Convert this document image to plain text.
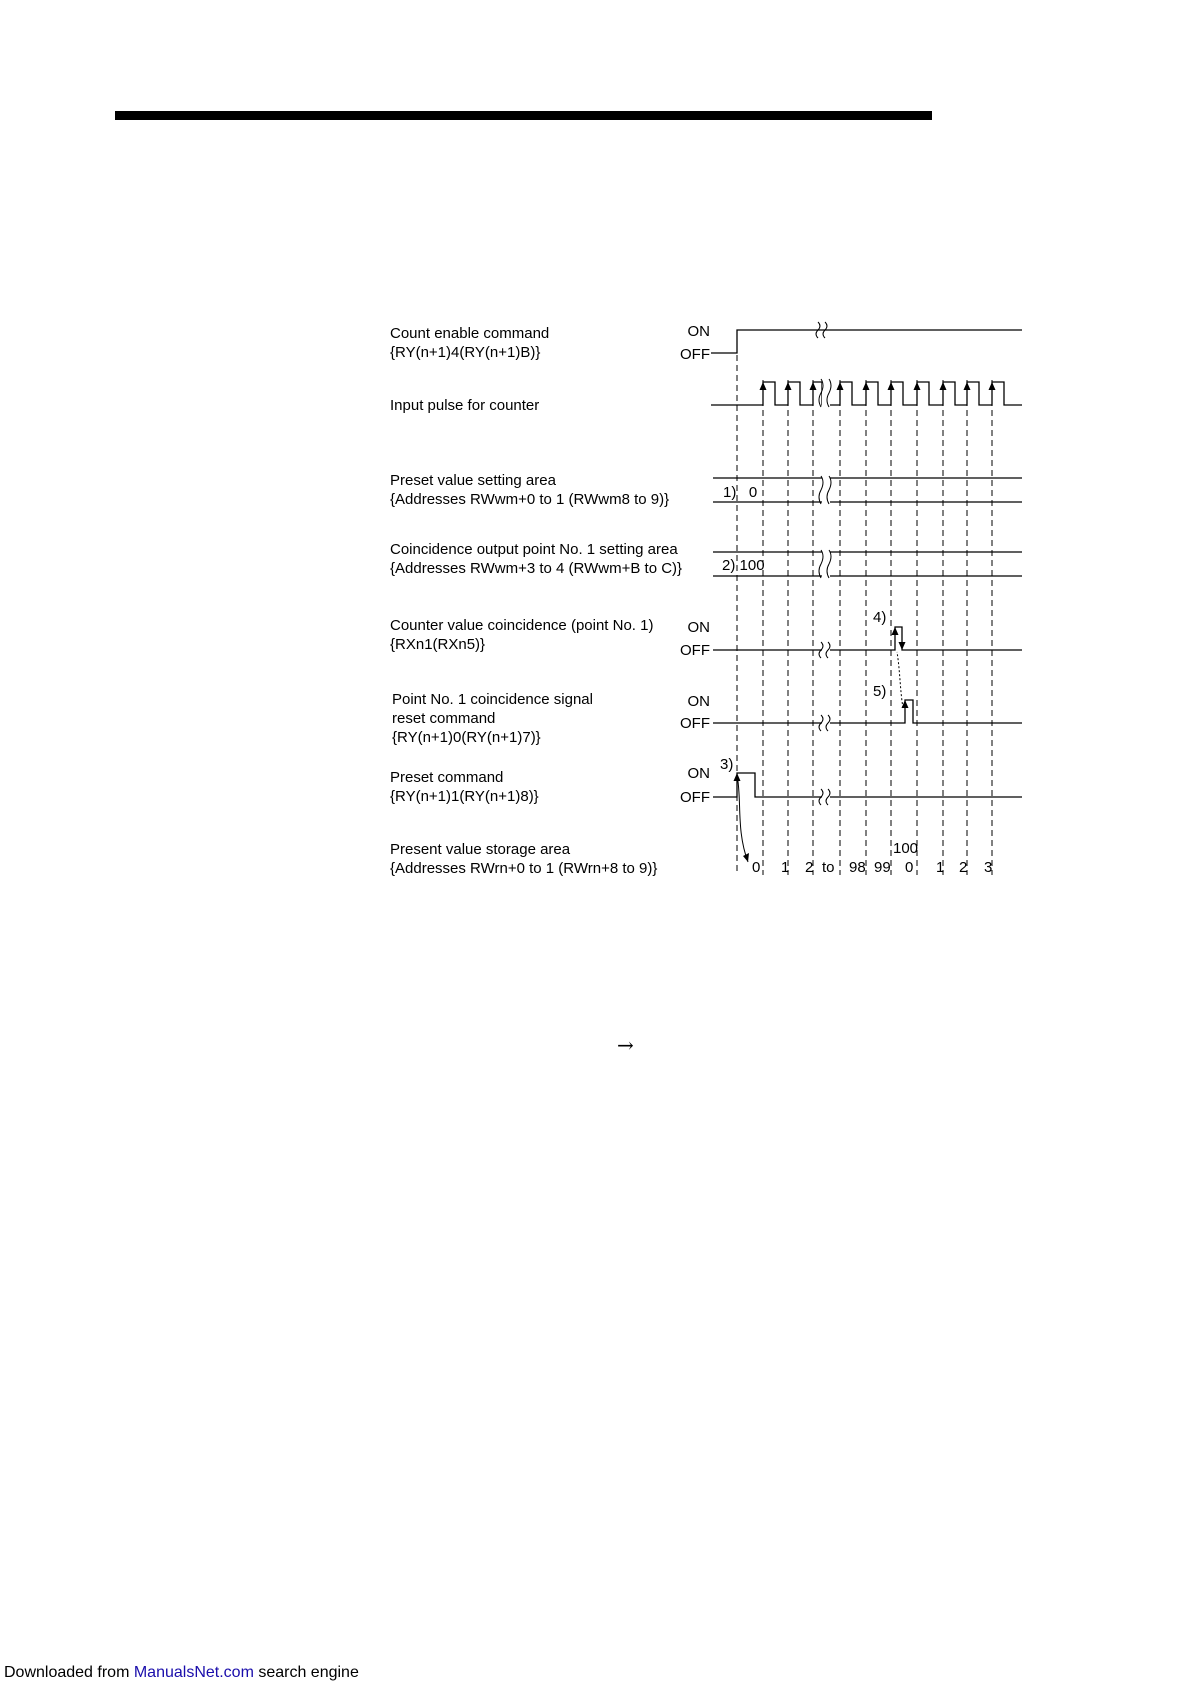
Count enable command
{RY(n+1)4(RY(n+1)B)}
ON
OFF
Input pulse for counter
Preset value setting area
{Addresses RWwm+0 to 1 (RWwm8 to 9)}	1)   0
Coincidence output point No. 1 setting area
{Addresses RWwm+3 to 4 (RWwm+B to C)}	2) 100
Counter value coincidence (point No. 1)
{RXn1(RXn5)}
ON
OFF
4)
Point No. 1 coincidence signal
reset command
{RY(n+1)0(RY(n+1)7)}
ON
OFF
5)
Preset command
{RY(n+1)1(RY(n+1)8)}
ON
OFF
3)
Present value storage area
{Addresses RWrn+0 to 1 (RWrn+8 to 9)}
100
0 1 2 to 98 99 0 1 2 3
→
Downloaded from ManualsNet.com search engine
